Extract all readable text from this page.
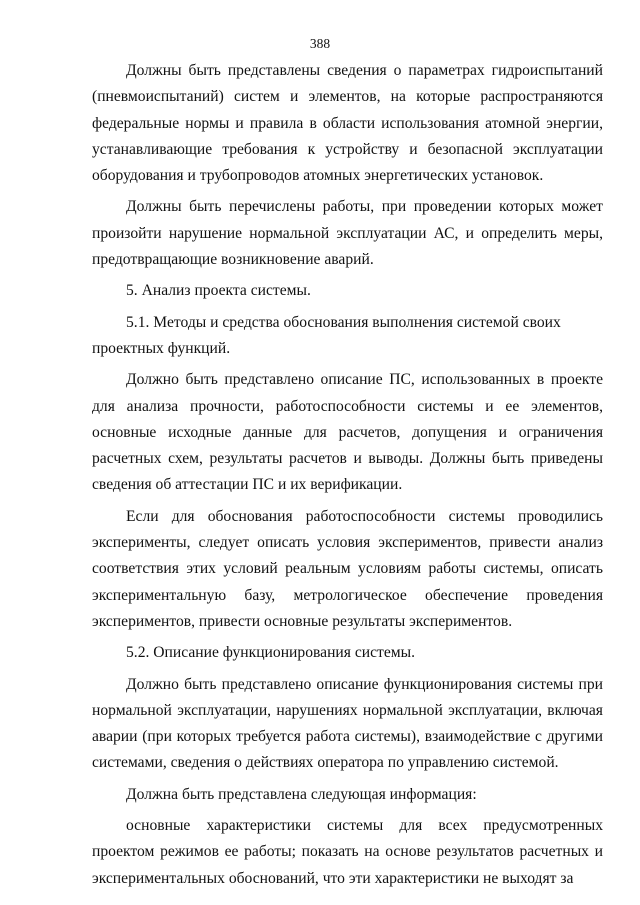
388

Должны быть представлены сведения о параметрах гидроиспытаний (пневмоиспытаний) систем и элементов, на которые распространяются федеральные нормы и правила в области использования атомной энергии, устанавливающие требования к устройству и безопасной эксплуатации оборудования и трубопроводов атомных энергетических установок.

Должны быть перечислены работы, при проведении которых может произойти нарушение нормальной эксплуатации АС, и определить меры, предотвращающие возникновение аварий.

5. Анализ проекта системы.

5.1. Методы и средства обоснования выполнения системой своих проектных функций.

Должно быть представлено описание ПС, использованных в проекте для анализа прочности, работоспособности системы и ее элементов, основные исходные данные для расчетов, допущения и ограничения расчетных схем, результаты расчетов и выводы. Должны быть приведены сведения об аттестации ПС и их верификации.

Если для обоснования работоспособности системы проводились эксперименты, следует описать условия экспериментов, привести анализ соответствия этих условий реальным условиям работы системы, описать экспериментальную базу, метрологическое обеспечение проведения экспериментов, привести основные результаты экспериментов.

5.2. Описание функционирования системы.

Должно быть представлено описание функционирования системы при нормальной эксплуатации, нарушениях нормальной эксплуатации, включая аварии (при которых требуется работа системы), взаимодействие с другими системами, сведения о действиях оператора по управлению системой.

Должна быть представлена следующая информация:

основные характеристики системы для всех предусмотренных проектом режимов ее работы; показать на основе результатов расчетных и экспериментальных обоснований, что эти характеристики не выходят за
